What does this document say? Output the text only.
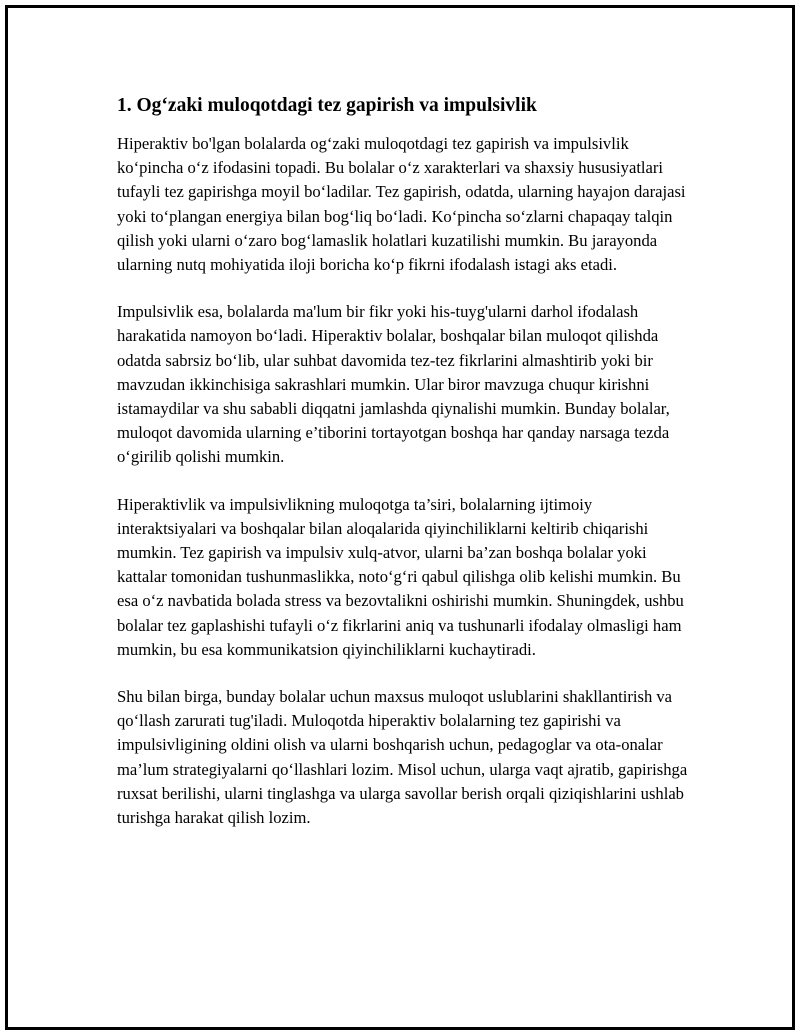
1. Og‘zaki muloqotdagi tez gapirish va impulsivlik

Hiperaktiv bo'lgan bolalarda og‘zaki muloqotdagi tez gapirish va impulsivlik ko‘pincha o‘z ifodasini topadi. Bu bolalar o‘z xarakterlari va shaxsiy hususiyatlari tufayli tez gapirishga moyil bo‘ladilar. Tez gapirish, odatda, ularning hayajon darajasi yoki to‘plangan energiya bilan bog‘liq bo‘ladi. Ko‘pincha so‘zlarni chapaqay talqin qilish yoki ularni o‘zaro bog‘lamaslik holatlari kuzatilishi mumkin. Bu jarayonda ularning nutq mohiyatida iloji boricha ko‘p fikrni ifodalash istagi aks etadi.

Impulsivlik esa, bolalarda ma'lum bir fikr yoki his-tuyg'ularni darhol ifodalash harakatida namoyon bo‘ladi. Hiperaktiv bolalar, boshqalar bilan muloqot qilishda odatda sabrsiz bo‘lib, ular suhbat davomida tez-tez fikrlarini almashtirib yoki bir mavzudan ikkinchisiga sakrashlari mumkin. Ular biror mavzuga chuqur kirishni istamaydilar va shu sababli diqqatni jamlashda qiynalishi mumkin. Bunday bolalar, muloqot davomida ularning e’tiborini tortayotgan boshqa har qanday narsaga tezda o‘girilib qolishi mumkin.

Hiperaktivlik va impulsivlikning muloqotga ta’siri, bolalarning ijtimoiy interaktsiyalari va boshqalar bilan aloqalarida qiyinchiliklarni keltirib chiqarishi mumkin. Tez gapirish va impulsiv xulq-atvor, ularni ba’zan boshqa bolalar yoki kattalar tomonidan tushunmaslikka, noto‘g‘ri qabul qilishga olib kelishi mumkin. Bu esa o‘z navbatida bolada stress va bezovtalikni oshirishi mumkin. Shuningdek, ushbu bolalar tez gaplashishi tufayli o‘z fikrlarini aniq va tushunarli ifodalay olmasligi ham mumkin, bu esa kommunikatsion qiyinchiliklarni kuchaytiradi.

Shu bilan birga, bunday bolalar uchun maxsus muloqot uslublarini shakllantirish va qo‘llash zarurati tug'iladi. Muloqotda hiperaktiv bolalarning tez gapirishi va impulsivligining oldini olish va ularni boshqarish uchun, pedagoglar va ota-onalar ma’lum strategiyalarni qo‘llashlari lozim. Misol uchun, ularga vaqt ajratib, gapirishga ruxsat berilishi, ularni tinglashga va ularga savollar berish orqali qiziqishlarini ushlab turishga harakat qilish lozim.
